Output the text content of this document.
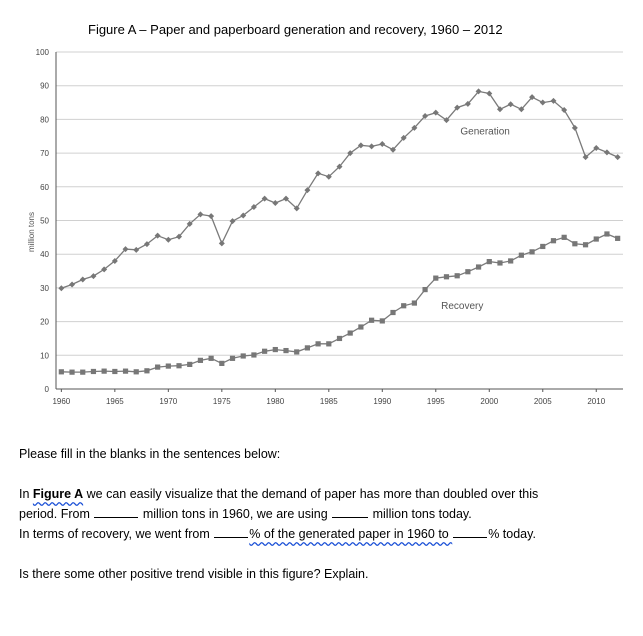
Figure A – Paper and paperboard generation and recovery, 1960 – 2012
0
10
20
30
40
50
60
70
80
90
100
1960	1965	1970	1975	1980	1985	1990	1995	2000	2005	2010
million tons
Generation
Recovery
Please fill in the blanks in the sentences below:
In Figure A we can easily visualize that the demand of paper has more than doubled over this
period. From	million tons in 1960, we are using	million tons today.
In terms of recovery, we went from	% of the generated paper in 1960 to	% today.
Is there some other positive trend visible in this figure? Explain.
